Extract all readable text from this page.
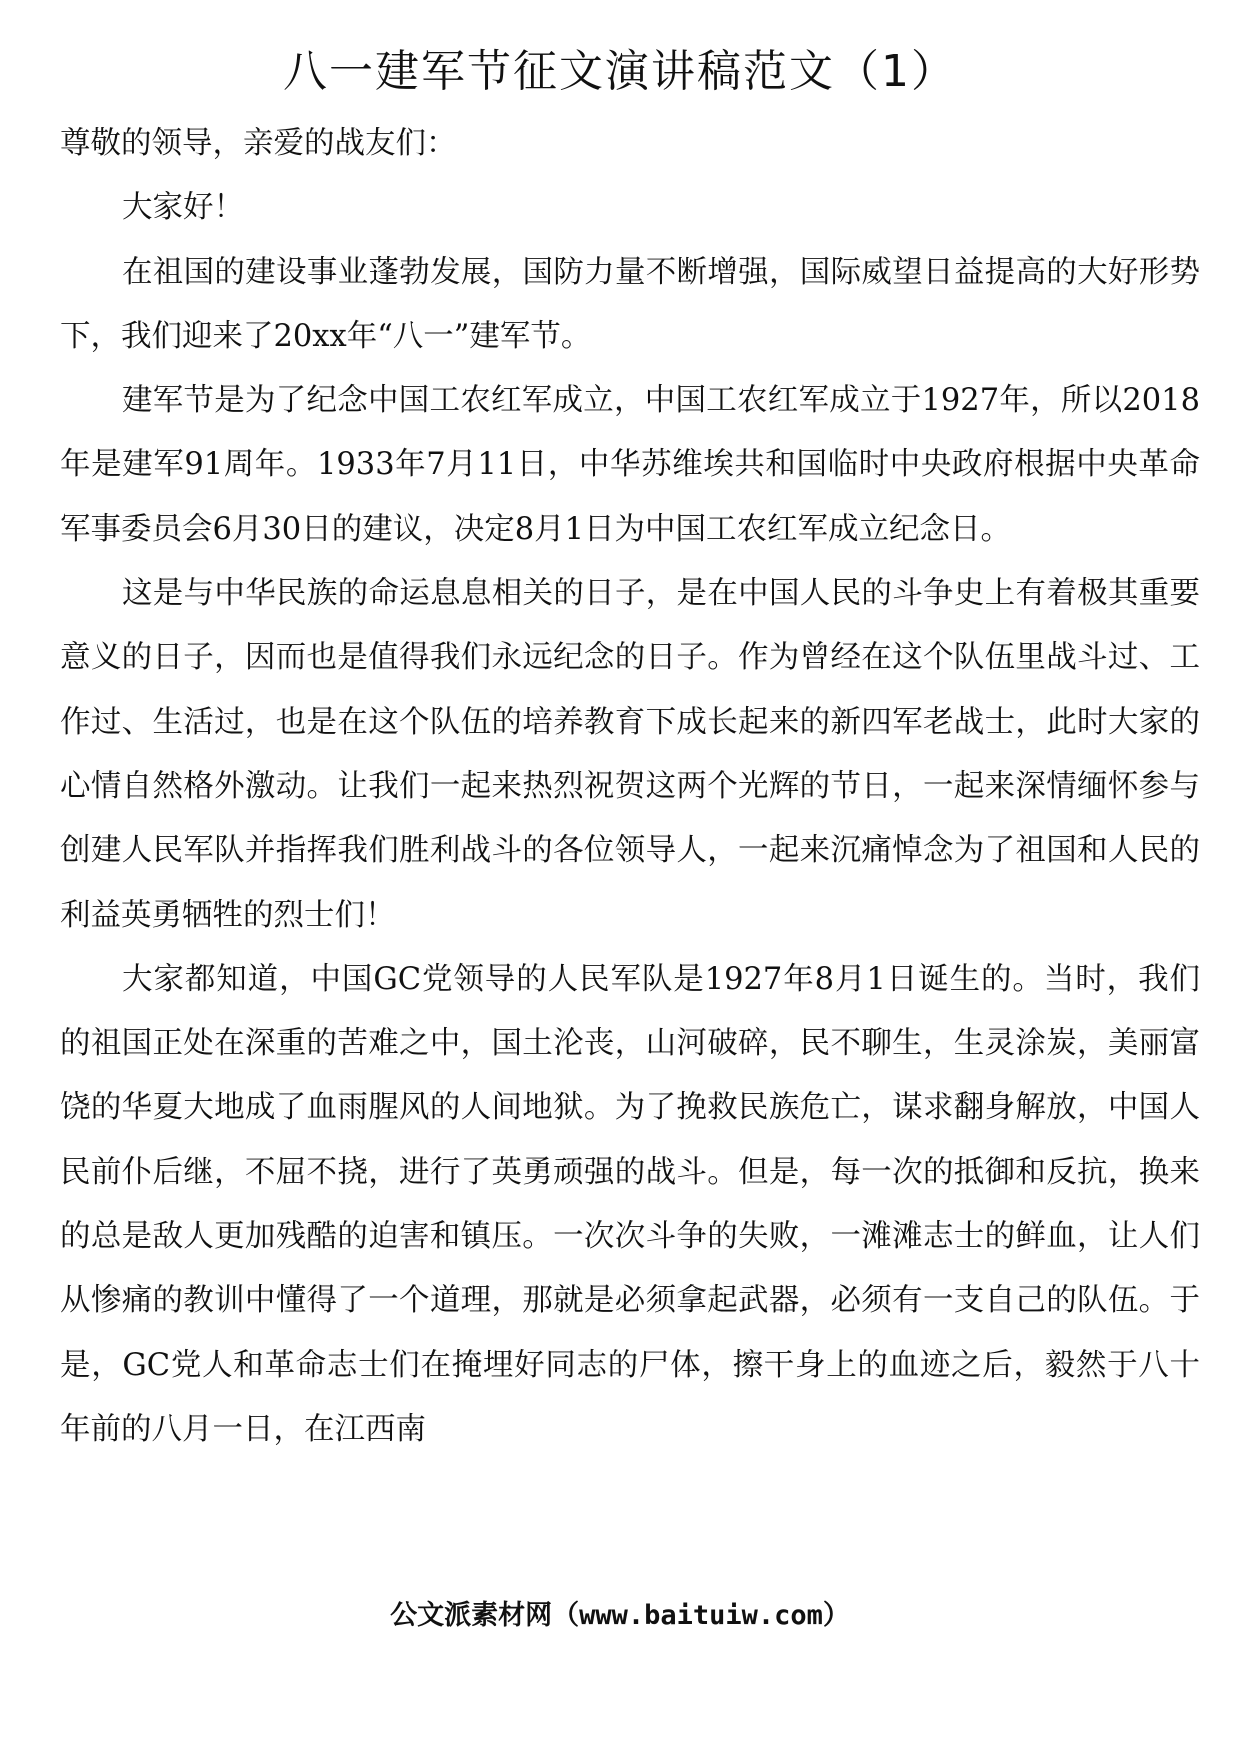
八一建军节征文演讲稿范文（1）

尊敬的领导，亲爱的战友们：

大家好！

在祖国的建设事业蓬勃发展，国防力量不断增强，国际威望日益提高的大好形势下，我们迎来了20xx年“八一”建军节。

建军节是为了纪念中国工农红军成立，中国工农红军成立于1927年，所以2018年是建军91周年。1933年7月11日，中华苏维埃共和国临时中央政府根据中央革命军事委员会6月30日的建议，决定8月1日为中国工农红军成立纪念日。

这是与中华民族的命运息息相关的日子，是在中国人民的斗争史上有着极其重要意义的日子，因而也是值得我们永远纪念的日子。作为曾经在这个队伍里战斗过、工作过、生活过，也是在这个队伍的培养教育下成长起来的新四军老战士，此时大家的心情自然格外激动。让我们一起来热烈祝贺这两个光辉的节日，一起来深情缅怀参与创建人民军队并指挥我们胜利战斗的各位领导人，一起来沉痛悼念为了祖国和人民的利益英勇牺牲的烈士们！

大家都知道，中国GC党领导的人民军队是1927年8月1日诞生的。当时，我们的祖国正处在深重的苦难之中，国土沦丧，山河破碎，民不聊生，生灵涂炭，美丽富饶的华夏大地成了血雨腥风的人间地狱。为了挽救民族危亡，谋求翻身解放，中国人民前仆后继，不屈不挠，进行了英勇顽强的战斗。但是，每一次的抵御和反抗，换来的总是敌人更加残酷的迫害和镇压。一次次斗争的失败，一滩滩志士的鲜血，让人们从惨痛的教训中懂得了一个道理，那就是必须拿起武器，必须有一支自己的队伍。于是，GC党人和革命志士们在掩埋好同志的尸体，擦干身上的血迹之后，毅然于八十年前的八月一日，在江西南

公文派素材网（www.baituiw.com）
